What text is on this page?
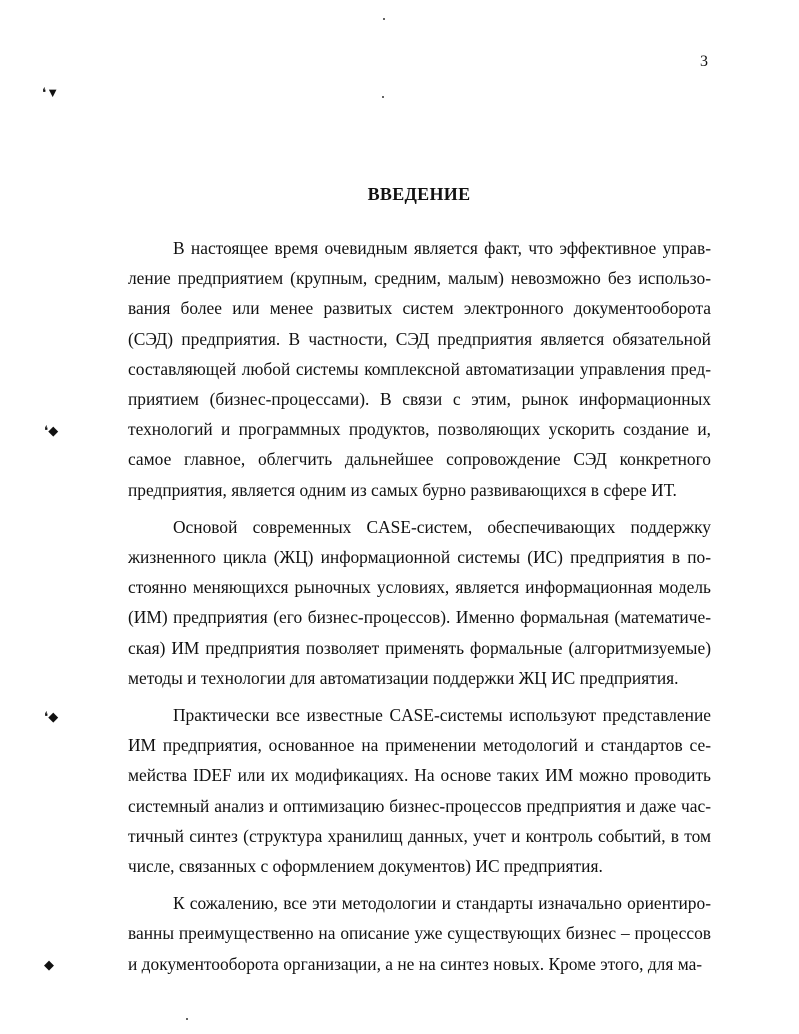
3
ВВЕДЕНИЕ

В настоящее время очевидным является факт, что эффективное управ-ление предприятием (крупным, средним, малым) невозможно без использо-вания более или менее развитых систем электронного документооборота (СЭД) предприятия. В частности, СЭД предприятия является обязательной составляющей любой системы комплексной автоматизации управления пред-приятием (бизнес-процессами). В связи с этим, рынок информационных технологий и программных продуктов, позволяющих ускорить создание и, самое главное, облегчить дальнейшее сопровождение СЭД конкретного предприятия, является одним из самых бурно развивающихся в сфере ИТ.

Основой современных CASE-систем, обеспечивающих поддержку жизненного цикла (ЖЦ) информационной системы (ИС) предприятия в по-стоянно меняющихся рыночных условиях, является информационная модель (ИМ) предприятия (его бизнес-процессов). Именно формальная (математиче-ская) ИМ предприятия позволяет применять формальные (алгоритмизуемые) методы и технологии для автоматизации поддержки ЖЦ ИС предприятия.

Практически все известные CASE-системы используют представление ИМ предприятия, основанное на применении методологий и стандартов се-мейства IDEF или их модификациях. На основе таких ИМ можно проводить системный анализ и оптимизацию бизнес-процессов предприятия и даже час-тичный синтез (структура хранилищ данных, учет и контроль событий, в том числе, связанных с оформлением документов) ИС предприятия.

К сожалению, все эти методологии и стандарты изначально ориентиро-ванны преимущественно на описание уже существующих бизнес – процессов и документооборота организации, а не на синтез новых. Кроме этого, для ма-

❛▼
❛◆
❛◆
◆
